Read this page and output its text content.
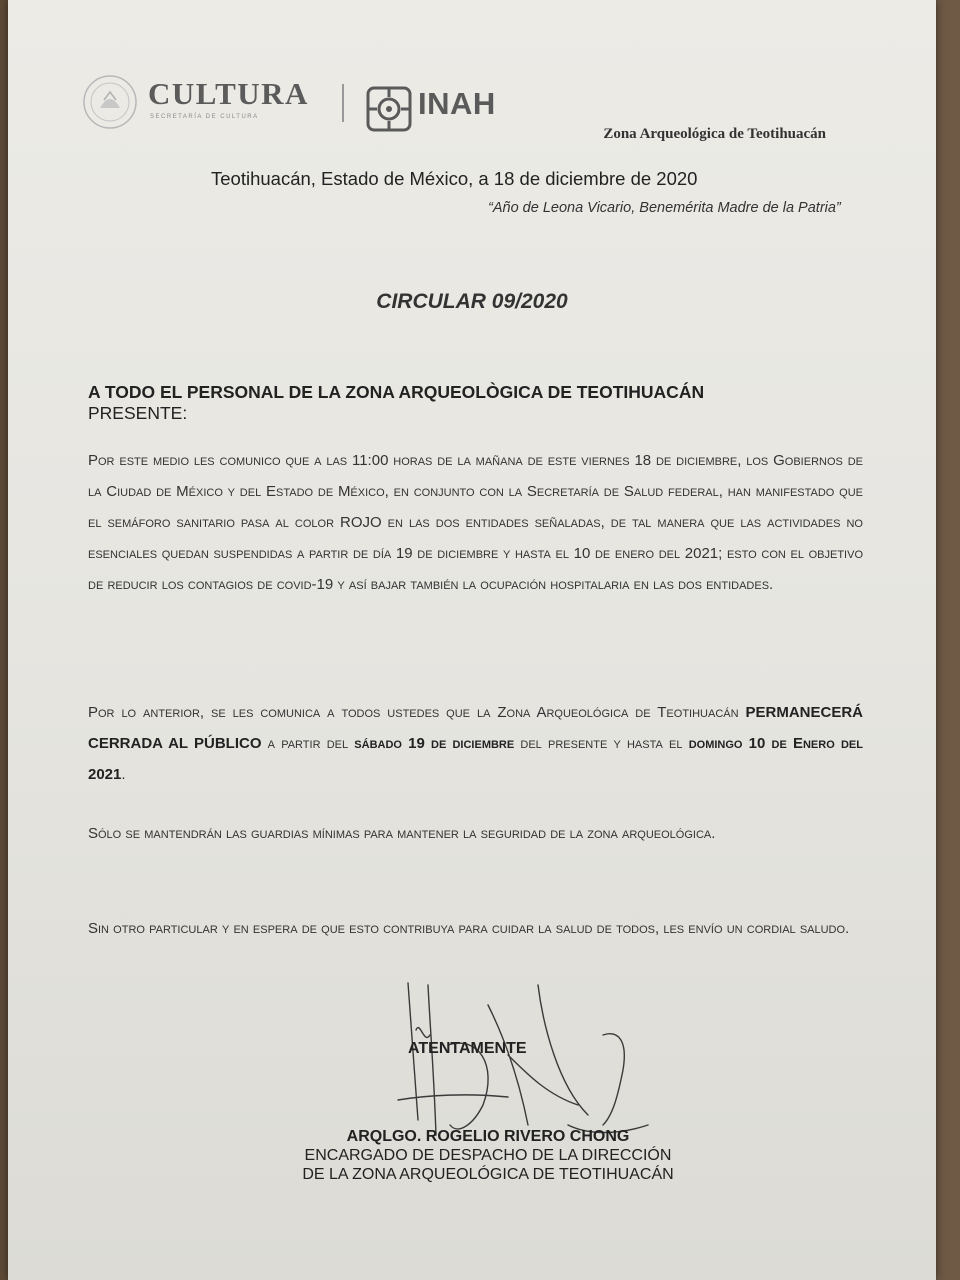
CULTURA
SECRETARÍA DE CULTURA	INAH
Zona Arqueológica de Teotihuacán
Teotihuacán, Estado de México, a 18 de diciembre de 2020
“Año de Leona Vicario, Benemérita Madre de la Patria”
CIRCULAR 09/2020
A TODO EL PERSONAL DE LA ZONA ARQUEOLÒGICA DE TEOTIHUACÁN
PRESENTE:
Por este medio les comunico que a las 11:00 horas de la mañana de este viernes 18 de diciembre, los Gobiernos de la Ciudad de México y del Estado de México, en conjunto con la Secretaría de Salud federal, han manifestado que el semáforo sanitario pasa al color ROJO en las dos entidades señaladas, de tal manera que las actividades no esenciales quedan suspendidas a partir de día 19 de diciembre y hasta el 10 de enero del 2021; esto con el objetivo de reducir los contagios de covid-19 y así bajar también la ocupación hospitalaria en las dos entidades.
Por lo anterior, se les comunica a todos ustedes que la Zona Arqueológica de Teotihuacán PERMANECERÁ CERRADA AL PÚBLICO a partir del sábado 19 de diciembre del presente y hasta el domingo 10 de Enero del 2021.
Sólo se mantendrán las guardias mínimas para mantener la seguridad de la zona arqueológica.
Sin otro particular y en espera de que esto contribuya para cuidar la salud de todos, les envío un cordial saludo.
ATENTAMENTE
ARQLGO. ROGELIO RIVERO CHONG
ENCARGADO DE DESPACHO DE LA DIRECCIÓN
DE LA ZONA ARQUEOLÓGICA DE TEOTIHUACÁN
